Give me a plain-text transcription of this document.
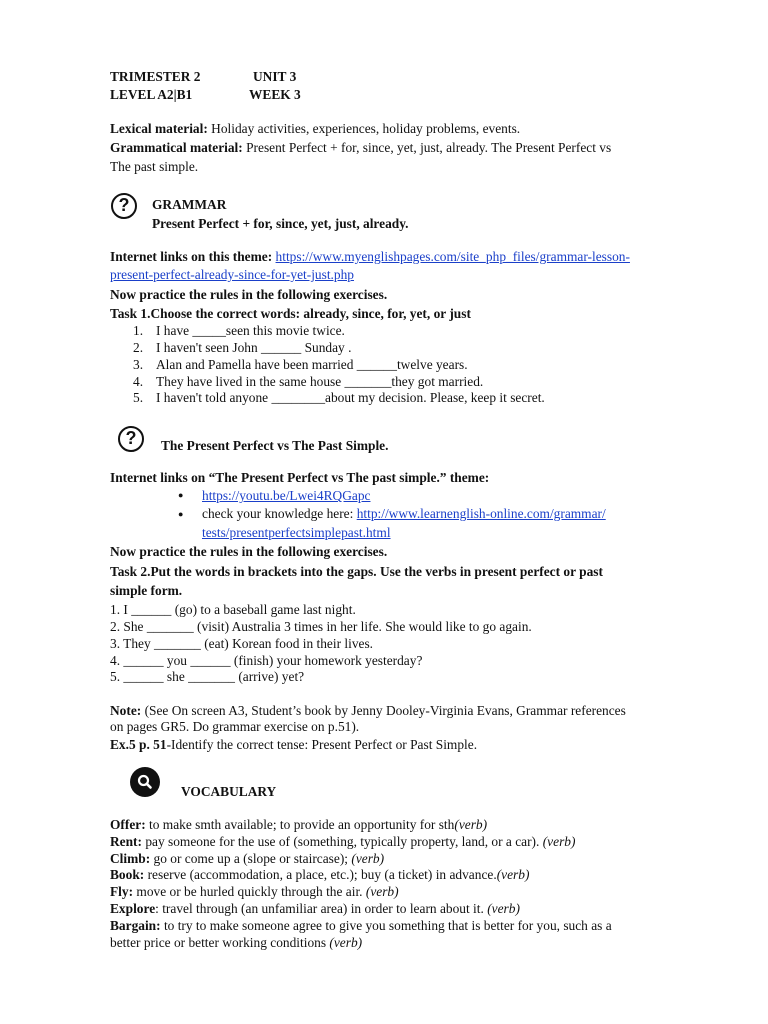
TRIMESTER 2	UNIT 3
LEVEL A2|B1	WEEK 3
Lexical material: Holiday activities, experiences, holiday problems, events.
Grammatical material: Present Perfect + for, since, yet, just, already. The Present Perfect vs
The past simple.
?	GRAMMAR
Present Perfect + for, since, yet, just, already.
Internet links on this theme: https://www.myenglishpages.com/site_php_files/grammar-lesson-
present-perfect-already-since-for-yet-just.php
Now practice the rules in the following exercises.
Task 1.Choose the correct words: already, since, for, yet, or just
1. I have _____seen this movie twice.
2. I haven't seen John ______ Sunday .
3. Alan and Pamella have been married ______twelve years.
4. They have lived in the same house _______they got married.
5. I haven't told anyone ________about my decision. Please, keep it secret.
?	The Present Perfect vs The Past Simple.
Internet links on “The Present Perfect vs The past simple.” theme:
● https://youtu.be/Lwei4RQGapc
● check your knowledge here: http://www.learnenglish-online.com/grammar/
tests/presentperfectsimplepast.html
Now practice the rules in the following exercises.
Task 2.Put the words in brackets into the gaps. Use the verbs in present perfect or past
simple form.
1. I ______ (go) to a baseball game last night.
2. She _______ (visit) Australia 3 times in her life. She would like to go again.
3. They _______ (eat) Korean food in their lives.
4. ______ you ______ (finish) your homework yesterday?
5. ______ she _______ (arrive) yet?
Note: (See On screen A3, Student’s book by Jenny Dooley-Virginia Evans, Grammar references
on pages GR5. Do grammar exercise on p.51).
Ex.5 p. 51-Identify the correct tense: Present Perfect or Past Simple.
VOCABULARY
Offer: to make smth available; to provide an opportunity for sth(verb)
Rent: pay someone for the use of (something, typically property, land, or a car). (verb)
Climb: go or come up a (slope or staircase); (verb)
Book: reserve (accommodation, a place, etc.); buy (a ticket) in advance.(verb)
Fly: move or be hurled quickly through the air. (verb)
Explore: travel through (an unfamiliar area) in order to learn about it. (verb)
Bargain: to try to make someone agree to give you something that is better for you, such as a
better price or better working conditions (verb)
